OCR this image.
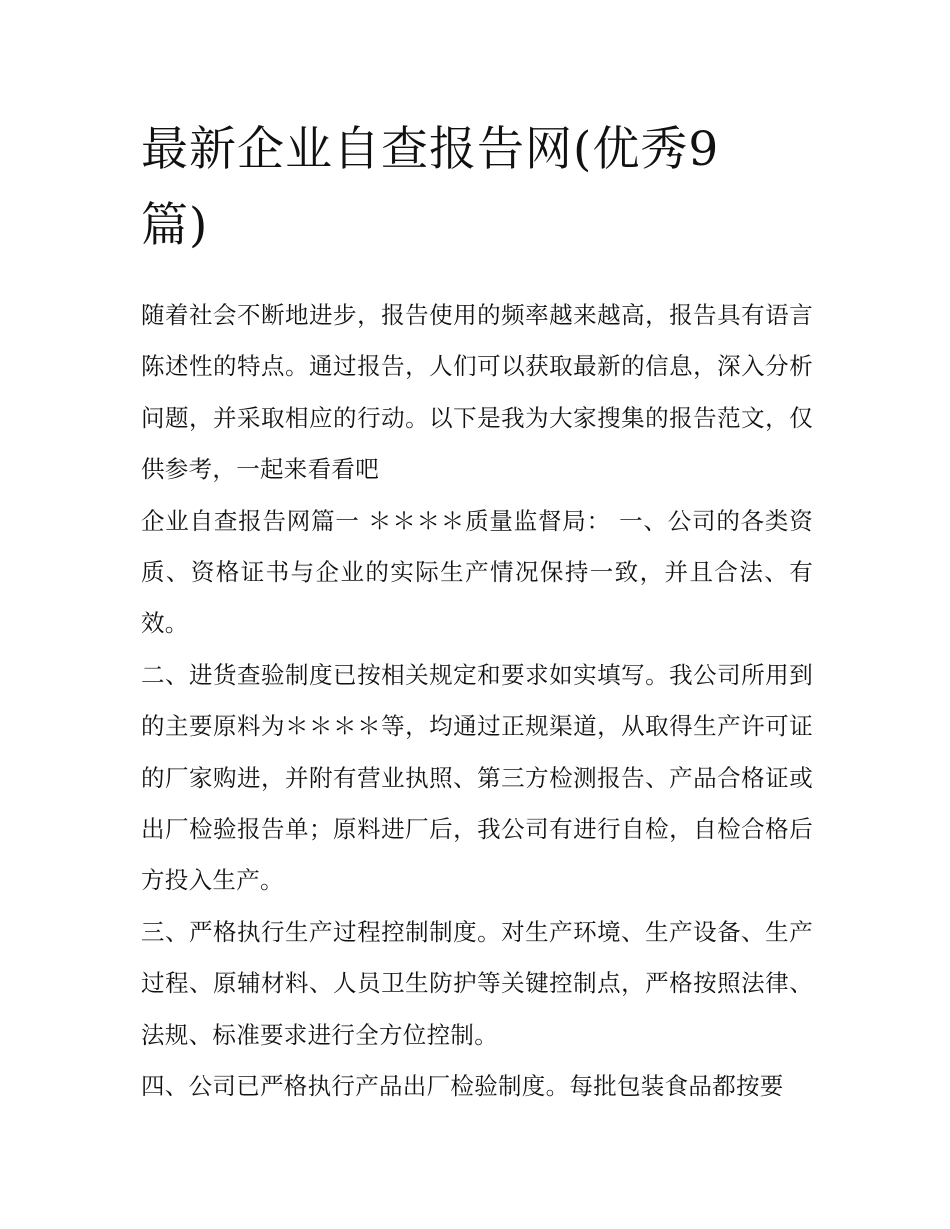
最新企业自查报告网(优秀9篇)

随着社会不断地进步，报告使用的频率越来越高，报告具有语言陈述性的特点。通过报告，人们可以获取最新的信息，深入分析问题，并采取相应的行动。以下是我为大家搜集的报告范文，仅供参考，一起来看看吧

企业自查报告网篇一 ＊＊＊＊质量监督局： 一、公司的各类资质、资格证书与企业的实际生产情况保持一致，并且合法、有效。

二、进货查验制度已按相关规定和要求如实填写。我公司所用到的主要原料为＊＊＊＊等，均通过正规渠道，从取得生产许可证的厂家购进，并附有营业执照、第三方检测报告、产品合格证或出厂检验报告单；原料进厂后，我公司有进行自检，自检合格后方投入生产。

三、严格执行生产过程控制制度。对生产环境、生产设备、生产过程、原辅材料、人员卫生防护等关键控制点，严格按照法律、法规、标准要求进行全方位控制。

四、公司已严格执行产品出厂检验制度。每批包装食品都按要
